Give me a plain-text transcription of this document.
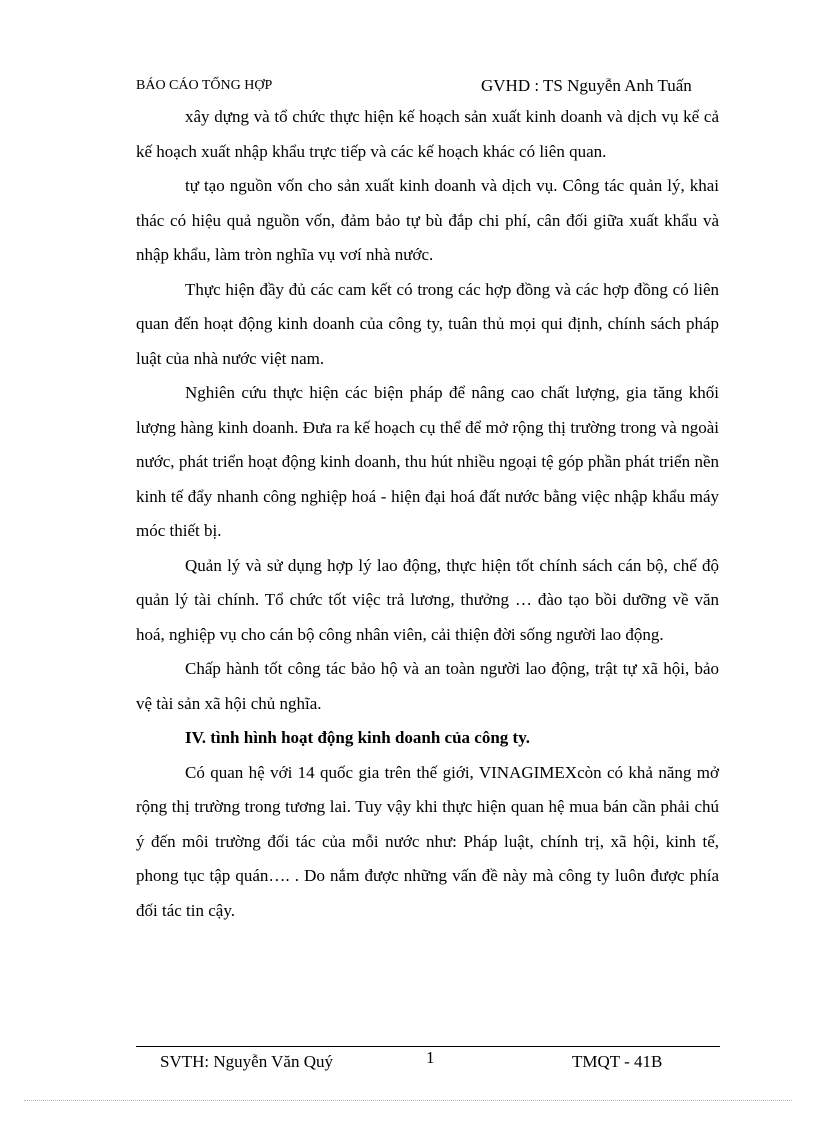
BÁO CÁO TỔNG HỢP	GVHD : TS Nguyễn Anh Tuấn

xây dựng và tổ chức thực hiện kế hoạch sản xuất kinh doanh và dịch vụ kể cả kế hoạch xuất nhập khẩu trực tiếp và các kế hoạch khác có liên quan.

tự tạo nguồn vốn cho sản xuất kinh doanh và dịch vụ. Công tác quản lý, khai thác có hiệu quả nguồn vốn, đảm bảo tự bù đắp chi phí, cân đối giữa xuất khẩu và nhập khẩu, làm tròn nghĩa vụ vơí nhà nước.

Thực hiện đầy đủ các cam kết có trong các hợp đồng và các hợp đồng có liên quan đến hoạt động kinh doanh của công ty, tuân thủ mọi qui định, chính sách pháp luật của nhà nước việt nam.

Nghiên cứu thực hiện các biện pháp để nâng cao chất lượng, gia tăng khối lượng hàng kinh doanh. Đưa ra kế hoạch cụ thể để mở rộng thị trường trong và ngoài nước, phát triển hoạt động kinh doanh, thu hút nhiều ngoại tệ góp phần phát triển nền kinh tế đẩy nhanh công nghiệp hoá - hiện đại hoá đất nước bằng việc nhập khẩu máy móc thiết bị.

Quản lý và sử dụng hợp lý lao động, thực hiện tốt chính sách cán bộ, chế độ quản lý tài chính. Tổ chức tốt việc trả lương, thưởng … đào tạo bồi dưỡng về văn hoá, nghiệp vụ cho cán bộ công nhân viên, cải thiện đời sống người lao động.

Chấp hành tốt công tác bảo hộ và an toàn người lao động, trật tự xã hội, bảo vệ tài sản xã hội chủ nghĩa.

IV. tình hình hoạt động kinh doanh của công ty.

Có quan hệ với 14 quốc gia trên thế giới, VINAGIMEXcòn có khả năng mở rộng thị trường trong tương lai. Tuy vậy khi thực hiện quan hệ mua bán cần phải chú ý đến môi trường đối tác của mỗi nước như: Pháp luật, chính trị, xã hội, kinh tế, phong tục tập quán…. . Do nắm được những vấn đề này mà công ty luôn được phía đối tác tin cậy.

SVTH: Nguyễn Văn Quý	1	TMQT - 41B
